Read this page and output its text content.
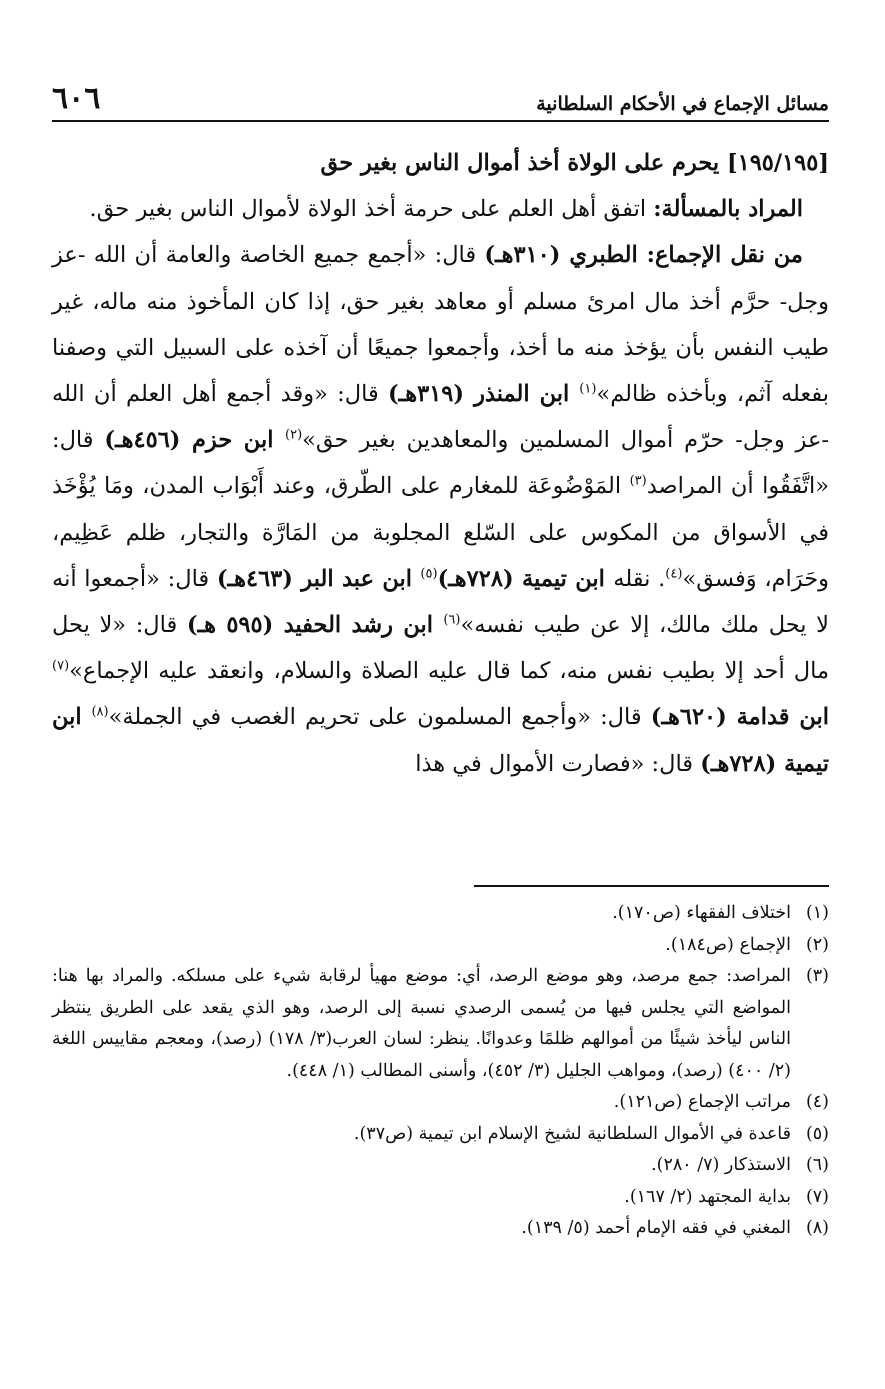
مسائل الإجماع في الأحكام السلطانية
٦٠٦

[١٩٥/١٩٥] يحرم على الولاة أخذ أموال الناس بغير حق

المراد بالمسألة: اتفق أهل العلم على حرمة أخذ الولاة لأموال الناس بغير حق.

من نقل الإجماع: الطبري (٣١٠هـ) قال: «أجمع جميع الخاصة والعامة أن الله -عز وجل- حرَّم أخذ مال امرئ مسلم أو معاهد بغير حق، إذا كان المأخوذ منه ماله، غير طيب النفس بأن يؤخذ منه ما أخذ، وأجمعوا جميعًا أن آخذه على السبيل التي وصفنا بفعله آثم، وبأخذه ظالم»$^{(١)}$ ابن المنذر (٣١٩هـ) قال: «وقد أجمع أهل العلم أن الله -عز وجل- حرّم أموال المسلمين والمعاهدين بغير حق»$^{(٢)}$ ابن حزم (٤٥٦هـ) قال: «اتَّفَقُوا أن المراصد$^{(٣)}$ المَوْضُوعَة للمغارم على الطّرق، وعند أَبْوَاب المدن، ومَا يُؤْخَذ في الأسواق من المكوس على السّلع المجلوبة من المَارَّة والتجار، ظلم عَظِيم، وحَرَام، وَفسق»$^{(٤)}$. نقله ابن تيمية (٧٢٨هـ)$^{(٥)}$ ابن عبد البر (٤٦٣هـ) قال: «أجمعوا أنه لا يحل ملك مالك، إلا عن طيب نفسه»$^{(٦)}$ ابن رشد الحفيد (٥٩٥ هـ) قال: «لا يحل مال أحد إلا بطيب نفس منه، كما قال عليه الصلاة والسلام، وانعقد عليه الإجماع»$^{(٧)}$ ابن قدامة (٦٢٠هـ) قال: «وأجمع المسلمون على تحريم الغصب في الجملة»$^{(٨)}$ ابن تيمية (٧٢٨هـ) قال: «فصارت الأموال في هذا

(١)
اختلاف الفقهاء (ص١٧٠).
(٢)
الإجماع (ص١٨٤).
(٣)
المراصد: جمع مرصد، وهو موضع الرصد، أي: موضع مهيأ لرقابة شيء على مسلكه. والمراد بها هنا: المواضع التي يجلس فيها من يُسمى الرصدي نسبة إلى الرصد، وهو الذي يقعد على الطريق ينتظر الناس ليأخذ شيئًا من أموالهم ظلمًا وعدوانًا. ينظر: لسان العرب(٣/ ١٧٨) (رصد)، ومعجم مقاييس اللغة (٢/ ٤٠٠) (رصد)، ومواهب الجليل (٣/ ٤٥٢)، وأسنى المطالب (١/ ٤٤٨).
(٤)
مراتب الإجماع (ص١٢١).
(٥)
قاعدة في الأموال السلطانية لشيخ الإسلام ابن تيمية (ص٣٧).
(٦)
الاستذكار (٧/ ٢٨٠).
(٧)
بداية المجتهد (٢/ ١٦٧).
(٨)
المغني في فقه الإمام أحمد (٥/ ١٣٩).
